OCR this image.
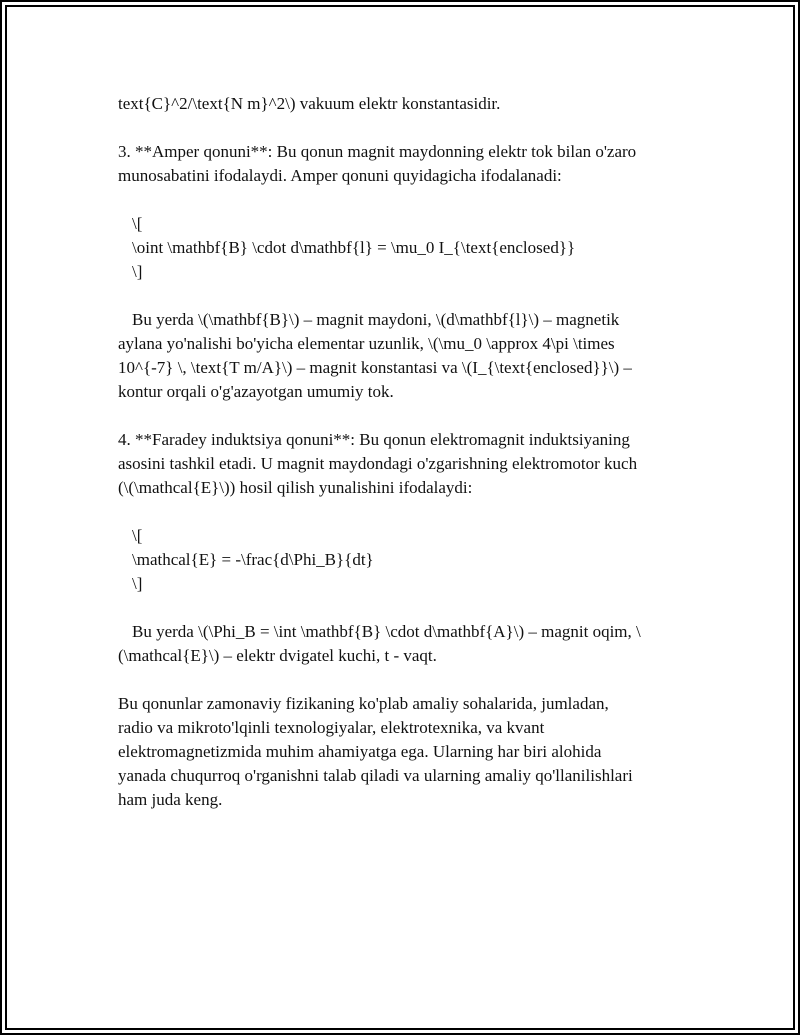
text{C}^2/\text{N m}^2\) vakuum elektr konstantasidir.

3. **Amper qonuni**: Bu qonun magnit maydonning elektr tok bilan o'zaro
munosabatini ifodalaydi. Amper qonuni quyidagicha ifodalanadi:

\[
\oint \mathbf{B} \cdot d\mathbf{l} = \mu_0 I_{\text{enclosed}}
\]

Bu yerda \(\mathbf{B}\) – magnit maydoni, \(d\mathbf{l}\) – magnetik
aylana yo'nalishi bo'yicha elementar uzunlik, \(\mu_0 \approx 4\pi \times
10^{-7} \, \text{T m/A}\) – magnit konstantasi va \(I_{\text{enclosed}}\) –
kontur orqali o'g'azayotgan umumiy tok.

4. **Faradey induktsiya qonuni**: Bu qonun elektromagnit induktsiyaning
asosini tashkil etadi. U magnit maydondagi o'zgarishning elektromotor kuch
(\(\mathcal{E}\)) hosil qilish yunalishini ifodalaydi:

\[
\mathcal{E} = -\frac{d\Phi_B}{dt}
\]

Bu yerda \(\Phi_B = \int \mathbf{B} \cdot d\mathbf{A}\) – magnit oqim, \
(\mathcal{E}\) – elektr dvigatel kuchi, t - vaqt.

Bu qonunlar zamonaviy fizikaning ko'plab amaliy sohalarida, jumladan,
radio va mikroto'lqinli texnologiyalar, elektrotexnika, va kvant
elektromagnetizmida muhim ahamiyatga ega. Ularning har biri alohida
yanada chuqurroq o'rganishni talab qiladi va ularning amaliy qo'llanilishlari
ham juda keng.
